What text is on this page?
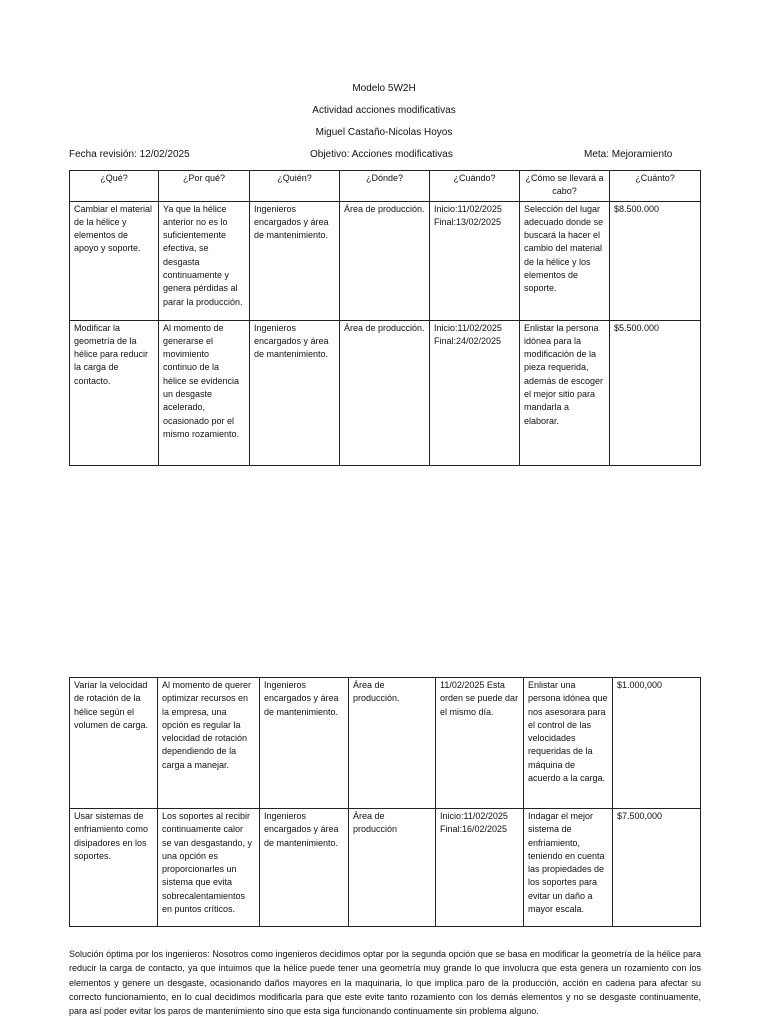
Modelo 5W2H
Actividad acciones modificativas
Miguel Castaño-Nicolas Hoyos
Fecha revisión: 12/02/2025	Objetivo: Acciones modificativas	Meta: Mejoramiento
¿Qué?	¿Por qué?	¿Quién?	¿Dónde?	¿Cuándo?	¿Cómo se llevará a cabo?	¿Cuánto?
Cambiar el material de la hélice y elementos de apoyo y soporte.	Ya que la hélice anterior no es lo suficientemente efectiva, se desgasta continuamente y genera pérdidas al parar la producción.	Ingenieros encargados y área de mantenimiento.	Área de producción.	Inicio:11/02/2025 Final:13/02/2025	Selección del lugar adecuado donde se buscará la hacer el cambio del material de la hélice y los elementos de soporte.	$8.500.000
Modificar la geometría de la hélice para reducir la carga de contacto.	Al momento de generarse el movimiento continuo de la hélice se evidencia un desgaste acelerado, ocasionado por el mismo rozamiento.	Ingenieros encargados y área de mantenimiento.	Área de producción.	Inicio:11/02/2025 Final:24/02/2025	Enlistar la persona idónea para la modificación de la pieza requerida, además de escoger el mejor sitio para mandarla a elaborar.	$5.500.000
Variar la velocidad de rotación de la hélice según el volumen de carga.	Al momento de querer optimizar recursos en la empresa, una opción es regular la velocidad de rotación dependiendo de la carga a manejar.	Ingenieros encargados y área de mantenimiento.	Área de producción.	11/02/2025 Esta orden se puede dar el mismo día.	Enlistar una persona idónea que nos asesorara para el control de las velocidades requeridas de la máquina de acuerdo a la carga.	$1.000,000
Usar sistemas de enfriamiento como disipadores en los soportes.	Los soportes al recibir continuamente calor se van desgastando, y una opción es proporcionarles un sistema que evita sobrecalentamientos en puntos críticos.	Ingenieros encargados y área de mantenimiento.	Área de producción	Inicio:11/02/2025 Final:16/02/2025	Indagar el mejor sistema de enfriamiento, teniendo en cuenta las propiedades de los soportes para evitar un daño a mayor escala.	$7.500,000
Solución óptima por los ingenieros: Nosotros como ingenieros decidimos optar por la segunda opción que se basa en modificar la geometría de la hélice para reducir la carga de contacto, ya que intuimos que la hélice puede tener una geometría muy grande lo que involucra que esta genera un rozamiento con los elementos y genere un desgaste, ocasionando daños mayores en la maquinaria, lo que implica paro de la producción, acción en cadena para afectar su correcto funcionamiento, en lo cual decidimos modificarla para que este evite tanto rozamiento con los demás elementos y no se desgaste continuamente, para así poder evitar los paros de mantenimiento sino que esta siga funcionando continuamente sin problema alguno.
